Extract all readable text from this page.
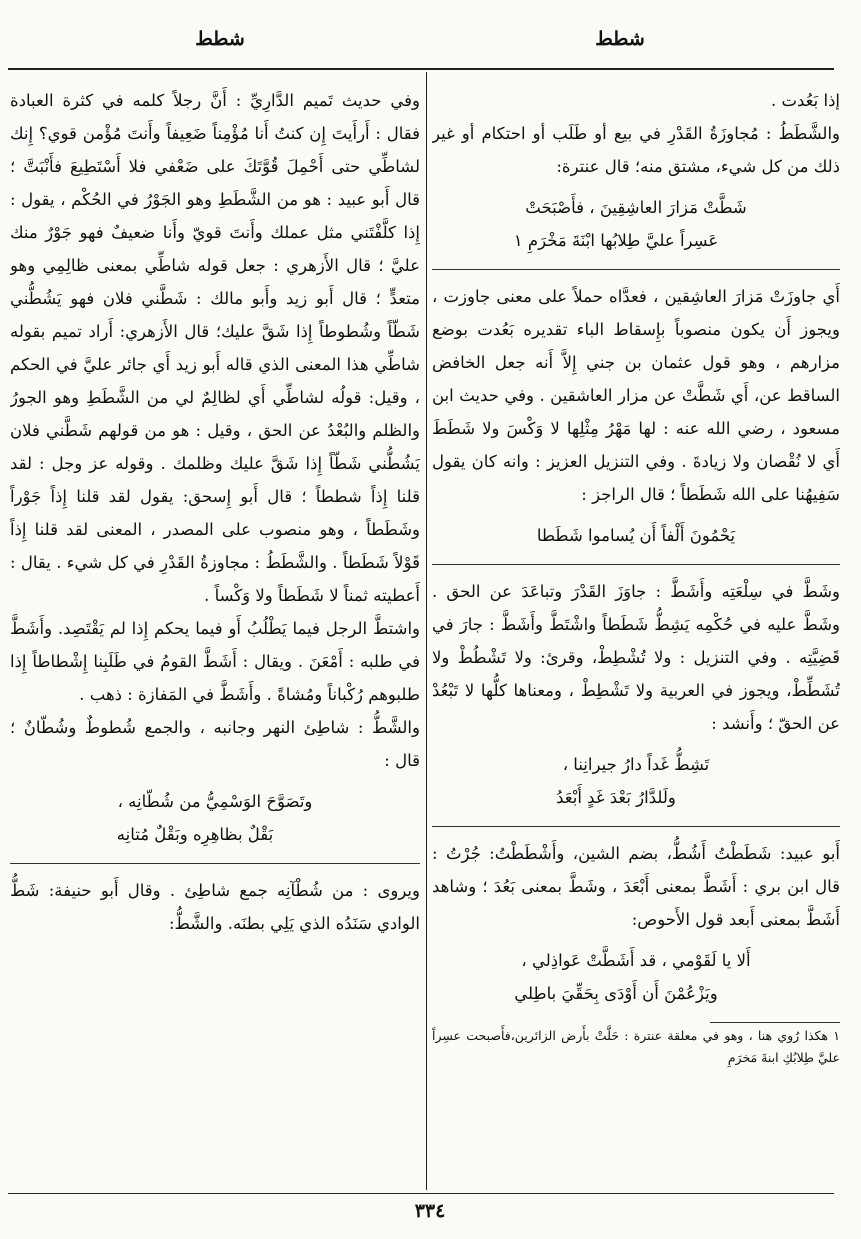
شطط
شطط

إذا بَعُدت .

والشَّطَطُ : مُجاوزَةُ القَدْرِ في بيع أو طَلَب أو احتكام أو غير ذلك من كل شيء، مشتق منه؛ قال عنترة:

شَطَّتْ مَزارَ العاشِقِينَ ، فأَصْبَحَتْ
عَسِراً عليَّ طِلابُها ابْنَةَ مَخْرَمِ ١

أَي جاوزَتْ مَزارَ العاشِقين ، فعدَّاه حملاً على معنى جاوزت ، ويجوز أَن يكون منصوباً بإِسقاط الباء تقديره بَعُدت بوضع مزارهم ، وهو قول عثمان بن جني إِلاَّ أَنه جعل الخافض الساقط عن، أَي شَطَّتْ عن مزار العاشقين . وفي حديث ابن مسعود ، رضي الله عنه : لها مَهْرُ مِثْلِها لا وَكْسَ ولا شَطَطَ أَي لا نُقْصان ولا زيادةَ . وفي التنزيل العزيز : وانه كان يقول سَفِيهُنا على الله شَطَطاً ؛ قال الراجز :

يَحْمُونَ أَلْفاً أَن يُساموا شَطَطا

وشَطَّ في سِلْعَتِه وأَشَطَّ : جاوَزَ القَدْرَ وتباعَدَ عن الحق . وشَطَّ عليه في حُكْمِه يَشِطُّ شَطَطاً واشْتَطَّ وأَشَطَّ : جارَ في قَضِيَّتِه . وفي التنزيل : ولا تُشْطِطْ، وقرئ: ولا تَشْطُطْ ولا تُشَطِّطْ، ويجوز في العربية ولا تَشْطِطْ ، ومعناها كلُّها لا تَبْعُدْ عن الحقّ ؛ وأَنشد :

تَشِطُّ غَداً دارُ جيرانِنا ،
ولَلدَّارُ بَعْدَ غَدٍ أَبْعَدُ

أَبو عبيد: شَطَطْتُ أَشُطُّ، بضم الشين، وأَشْطَطْتُ: جُرْتُ : قال ابن بري : أَشَطَّ بمعنى أَبْعَدَ ، وشَطَّ بمعنى بَعُدَ ؛ وشاهد أَشَطَّ بمعنى أَبعد قول الأَحوص:

أَلا يا لَقَوْمي ، قد أَشَطَّتْ عَواذِلي ،
ويَزْعُمْنَ أَن أَوْدَى بِحَقِّيَ باطِلي
١ هكذا رُوي هنا ، وهو في معلقة عنترة : حَلَّتْ بأَرض الزائرين،فأَصبحت عسِراً عليَّ طِلابُكِ ابنةَ مَخرَمِ

وفي حديث تَميم الدَّارِيِّ : أَنَّ رجلاً كلمه في كثرة العبادة فقال : أَرأَيتَ إِن كنتُ أَنا مُؤْمِناً ضَعِيفاً وأَنتَ مُؤْمن قوي؟ إِنك لشاطِّي حتى أَحْمِلَ قُوَّتَكَ على ضَعْفي فلا أَسْتَطِيعَ فأَنْبَتَّ ؛ قال أَبو عبيد : هو من الشَّطَطِ وهو الجَوْرُ في الحُكْم ، يقول : إِذا كلَّفْتَني مثل عملك وأَنتَ قويّ وأَنا ضعيفٌ فهو جَوْرٌ منك عليَّ ؛ قال الأَزهري : جعل قوله شاطِّي بمعنى ظالِمِي وهو متعدٍّ ؛ قال أَبو زيد وأَبو مالك : شَطَّني فلان فهو يَشُطُّني شَطّاً وشُطوطاً إِذا شَقَّ عليك؛ قال الأَزهري: أَراد تميم بقوله شاطِّي هذا المعنى الذي قاله أَبو زيد أَي جائر عليَّ في الحكم ، وقيل: قولُه لشاطِّي أَي لظالِمٌ لي من الشَّطَطِ وهو الجورُ والظلم والبُعْدُ عن الحق ، وقيل : هو من قولهم شَطَّني فلان يَشُطُّني شَطّاً إِذا شَقَّ عليك وظلمك . وقوله عز وجل : لقد قلنا إِذاً شططاً ؛ قال أَبو إِسحق: يقول لقد قلنا إِذاً جَوْراً وشَطَطاً ، وهو منصوب على المصدر ، المعنى لقد قلنا إِذاً قَوْلاً شَطَطاً . والشَّطَطُ : مجاوزةُ القَدْرِ في كل شيء . يقال : أَعطيته ثمناً لا شَطَطاً ولا وَكْساً .

واشتطَّ الرجل فيما يَطْلُبُ أَو فيما يحكم إِذا لم يَقْتَصِد. وأَشَطَّ في طلبه : أَمْعَنَ . ويقال : أَشَطَّ القومُ في طَلَبِنا إِشْطاطاً إِذا طلبوهم رُكْباناً ومُشاةً . وأَشَطَّ في المَفازة : ذهب .

والشَّطُّ : شاطِئ النهر وجانبه ، والجمع شُطوطٌ وشُطّانٌ ؛ قال :

وتَصَوَّحَ الوَسْمِيُّ من شُطّانِه ،
بَقْلٌ بظاهِرِه وبَقْلٌ مُتانِه

ويروى : من شُطْآنِه جمع شاطِئ . وقال أَبو حنيفة: شَطُّ الوادي سَنَدُه الذي يَلِي بطنَه. والشَّطُّ:

٣٣٤
